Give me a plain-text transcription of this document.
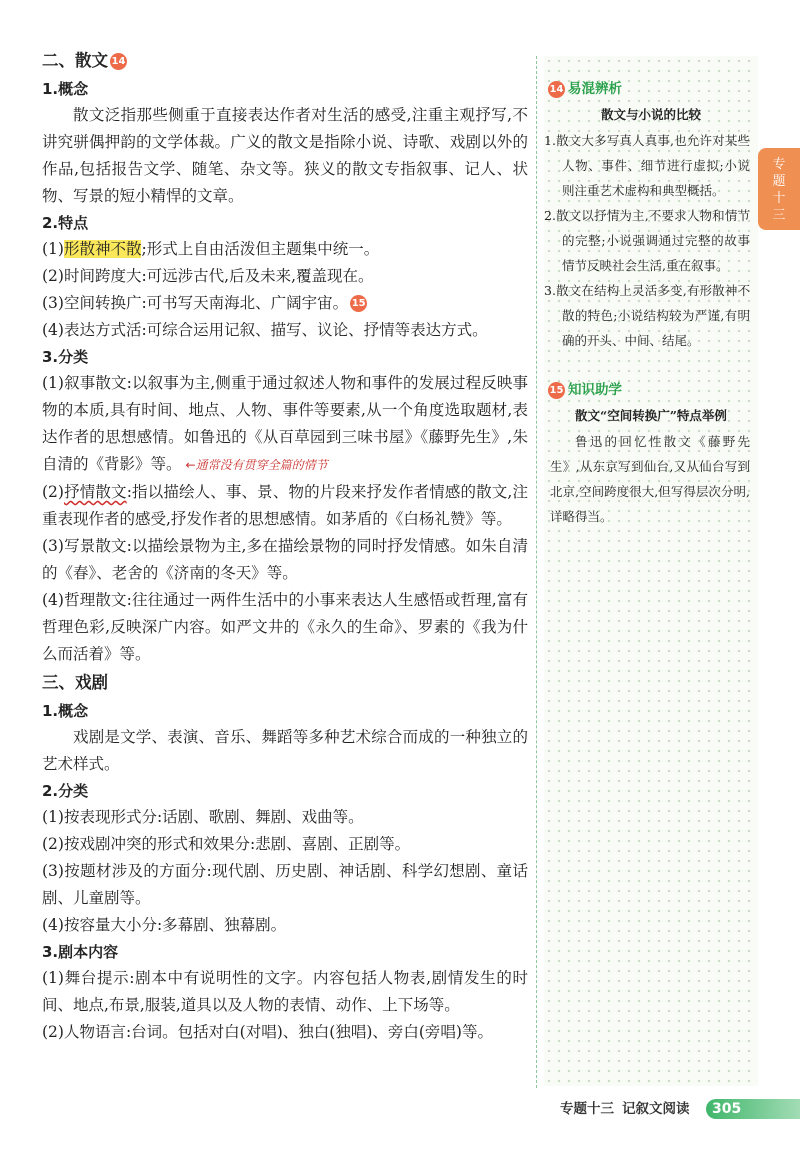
二、散文 14
1.概念
散文泛指那些侧重于直接表达作者对生活的感受,注重主观抒写,不讲究骈偶押韵的文学体裁。广义的散文是指除小说、诗歌、戏剧以外的作品,包括报告文学、随笔、杂文等。狭义的散文专指叙事、记人、状物、写景的短小精悍的文章。
2.特点
(1)形散神不散;形式上自由活泼但主题集中统一。
(2)时间跨度大:可远涉古代,后及未来,覆盖现在。
(3)空间转换广:可书写天南海北、广阔宇宙。 15
(4)表达方式活:可综合运用记叙、描写、议论、抒情等表达方式。
3.分类
(1)叙事散文:以叙事为主,侧重于通过叙述人物和事件的发展过程反映事物的本质,具有时间、地点、人物、事件等要素,从一个角度选取题材,表达作者的思想感情。如鲁迅的《从百草园到三味书屋》《藤野先生》,朱自清的《背影》等。← 通常没有贯穿全篇的情节
(2)抒情散文:指以描绘人、事、景、物的片段来抒发作者情感的散文,注重表现作者的感受,抒发作者的思想感情。如茅盾的《白杨礼赞》等。
(3)写景散文:以描绘景物为主,多在描绘景物的同时抒发情感。如朱自清的《春》、老舍的《济南的冬天》等。
(4)哲理散文:往往通过一两件生活中的小事来表达人生感悟或哲理,富有哲理色彩,反映深广内容。如严文井的《永久的生命》、罗素的《我为什么而活着》等。
三、戏剧
1.概念
戏剧是文学、表演、音乐、舞蹈等多种艺术综合而成的一种独立的艺术样式。
2.分类
(1)按表现形式分:话剧、歌剧、舞剧、戏曲等。
(2)按戏剧冲突的形式和效果分:悲剧、喜剧、正剧等。
(3)按题材涉及的方面分:现代剧、历史剧、神话剧、科学幻想剧、童话剧、儿童剧等。
(4)按容量大小分:多幕剧、独幕剧。
3.剧本内容
(1)舞台提示:剧本中有说明性的文字。内容包括人物表,剧情发生的时间、地点,布景,服装,道具以及人物的表情、动作、上下场等。
(2)人物语言:台词。包括对白(对唱)、独白(独唱)、旁白(旁唱)等。
14 易混辨析
散文与小说的比较
1.散文大多写真人真事,也允许对某些人物、事件、细节进行虚拟;小说则注重艺术虚构和典型概括。
2.散文以抒情为主,不要求人物和情节的完整;小说强调通过完整的故事情节反映社会生活,重在叙事。
3.散文在结构上灵活多变,有形散神不散的特色;小说结构较为严谨,有明确的开头、中间、结尾。
15 知识助学
散文“空间转换广”特点举例
鲁迅的回忆性散文《藤野先生》,从东京写到仙台,又从仙台写到北京,空间跨度很大,但写得层次分明,详略得当。
专
题
十
三
专题十三 记叙文阅读 305
